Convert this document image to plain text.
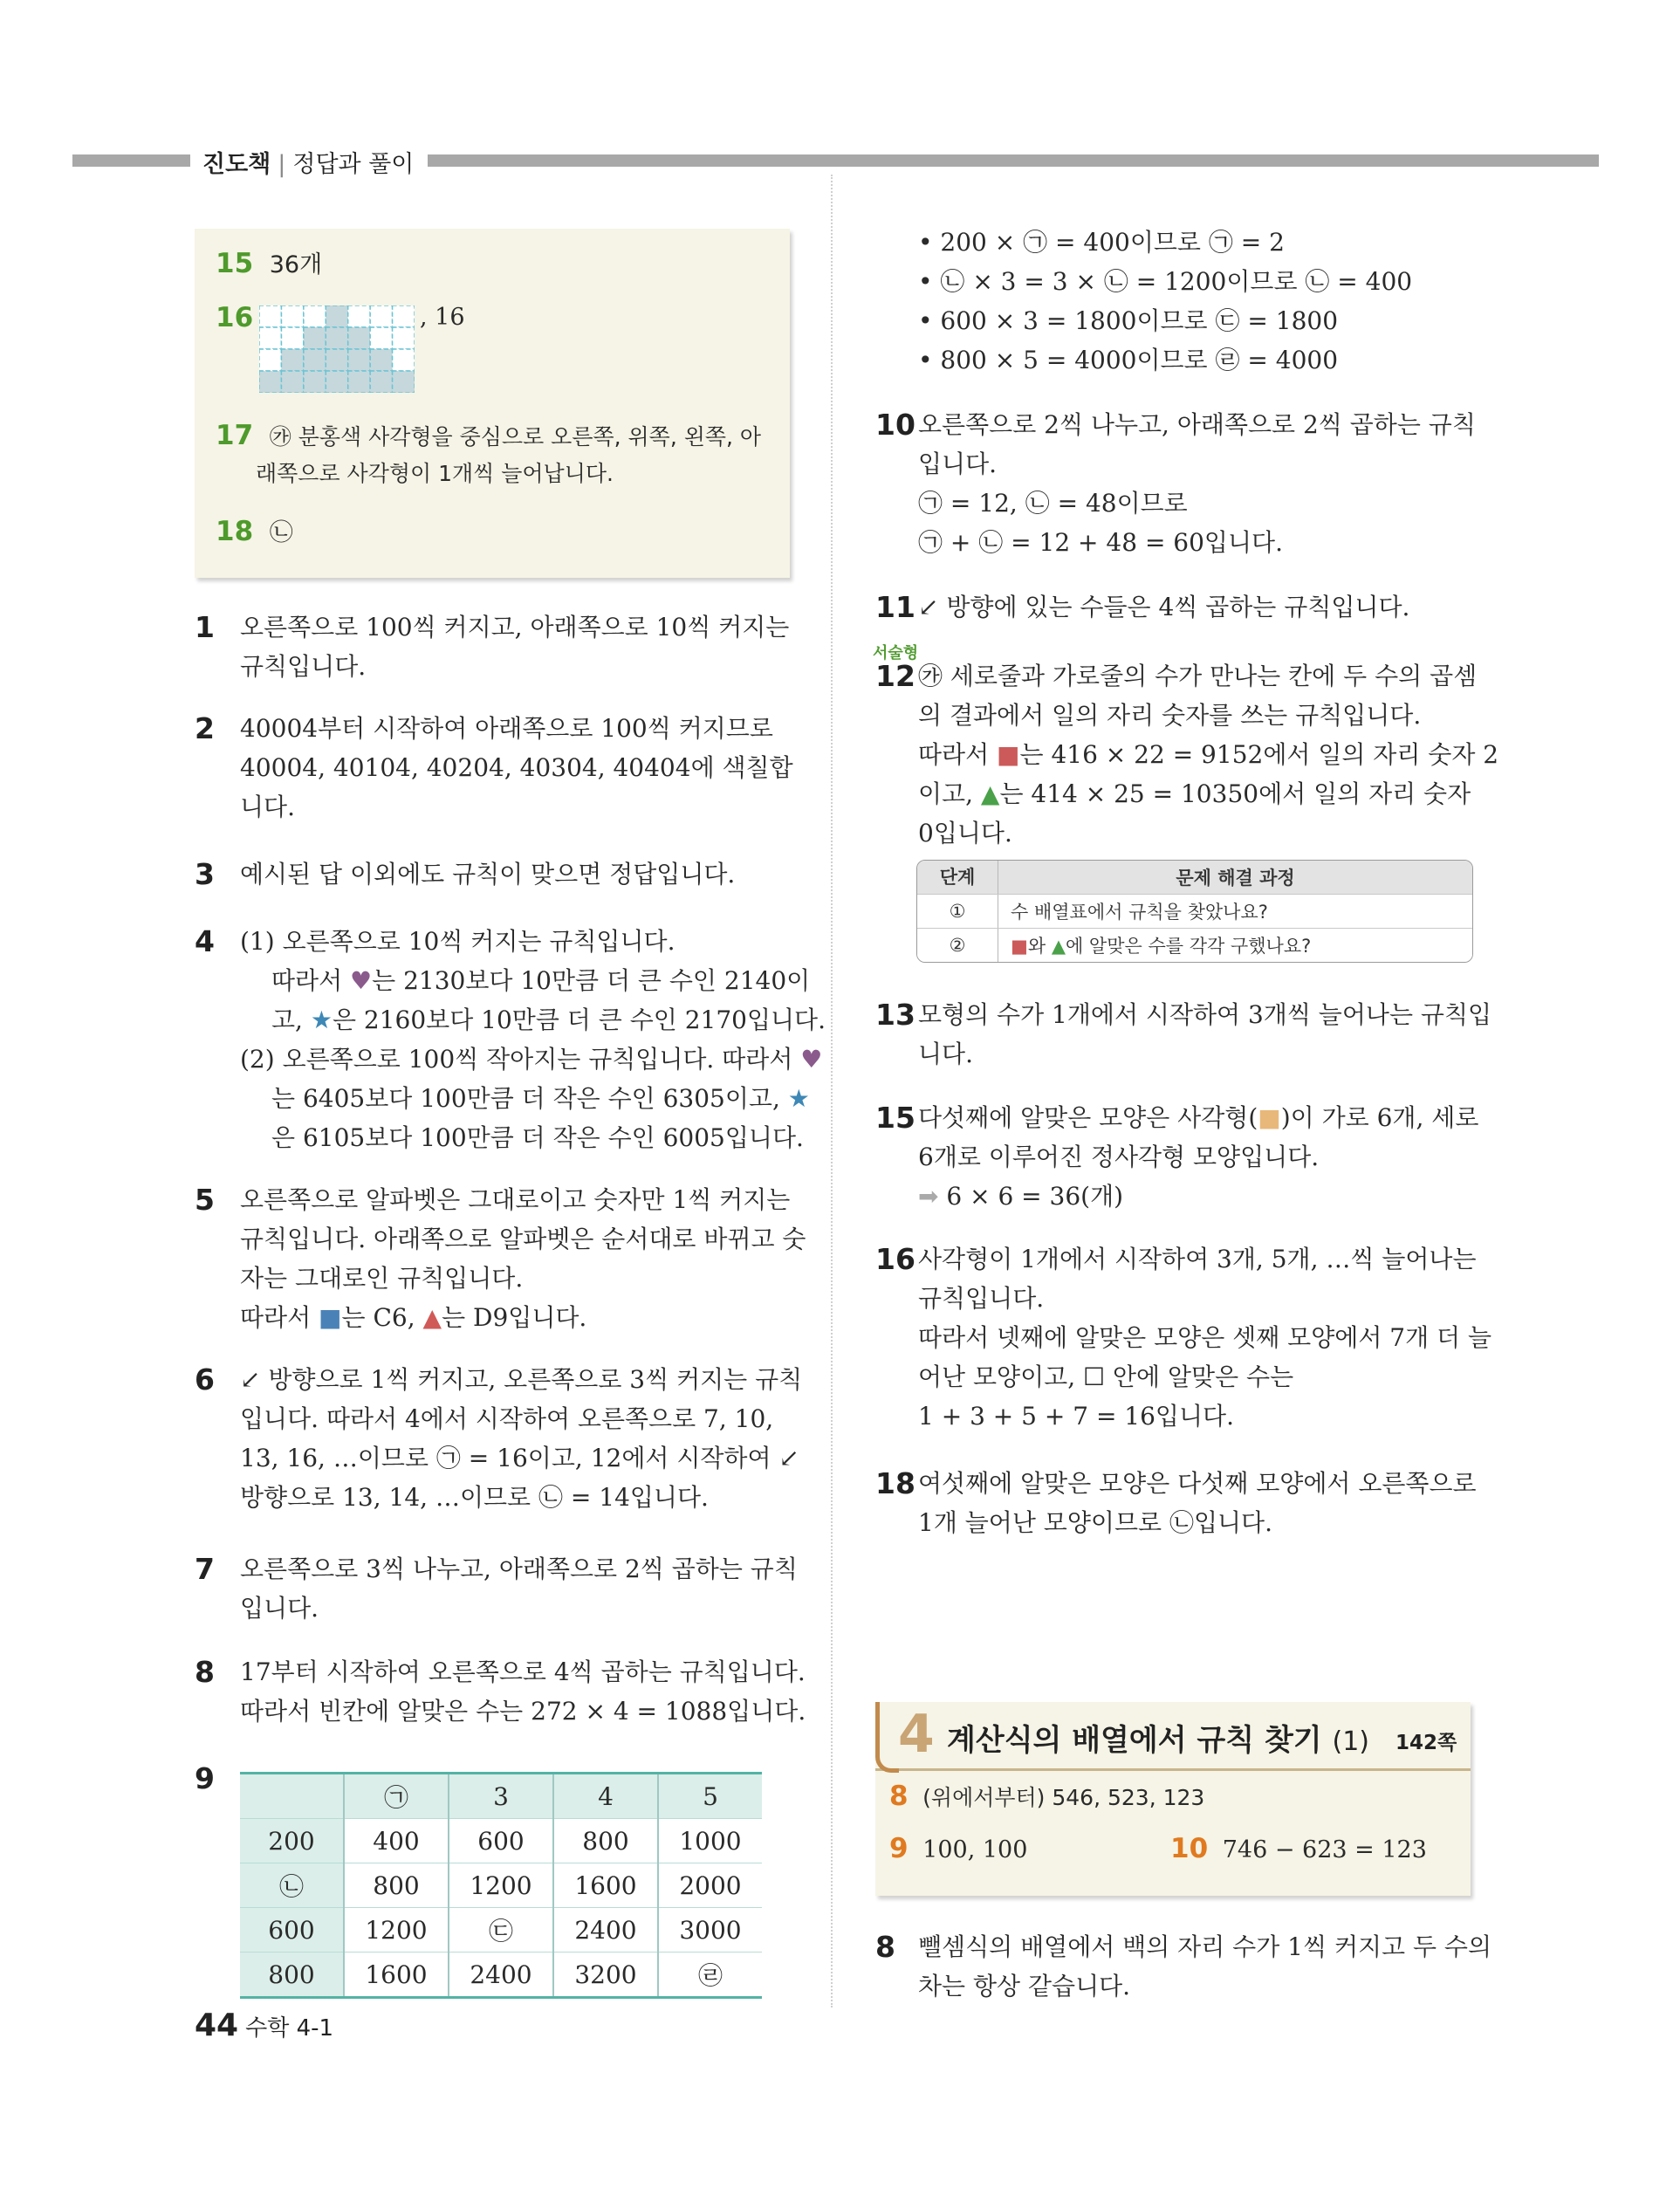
진도책 | 정답과 풀이
15 36개
16	, 16
17 ㉮ 분홍색 사각형을 중심으로 오른쪽, 위쪽, 왼쪽, 아
래쪽으로 사각형이 1개씩 늘어납니다.
18 ㉡
1 오른쪽으로 100씩 커지고, 아래쪽으로 10씩 커지는
규칙입니다.
2 40004부터 시작하여 아래쪽으로 100씩 커지므로
40004, 40104, 40204, 40304, 40404에 색칠합
니다.
3 예시된 답 이외에도 규칙이 맞으면 정답입니다.
4 (1) 오른쪽으로 10씩 커지는 규칙입니다.
따라서 ♥는 2130보다 10만큼 더 큰 수인 2140이
고, ★은 2160보다 10만큼 더 큰 수인 2170입니다.
(2) 오른쪽으로 100씩 작아지는 규칙입니다. 따라서 ♥
는 6405보다 100만큼 더 작은 수인 6305이고, ★
은 6105보다 100만큼 더 작은 수인 6005입니다.
5 오른쪽으로 알파벳은 그대로이고 숫자만 1씩 커지는
규칙입니다. 아래쪽으로 알파벳은 순서대로 바뀌고 숫
자는 그대로인 규칙입니다.
따라서 ■는 C6, ▲는 D9입니다.
6 ↙ 방향으로 1씩 커지고, 오른쪽으로 3씩 커지는 규칙
입니다. 따라서 4에서 시작하여 오른쪽으로 7, 10,
13, 16, …이므로 ㉠ = 16이고, 12에서 시작하여 ↙
방향으로 13, 14, …이므로 ㉡ = 14입니다.
7 오른쪽으로 3씩 나누고, 아래쪽으로 2씩 곱하는 규칙
입니다.
8 17부터 시작하여 오른쪽으로 4씩 곱하는 규칙입니다.
따라서 빈칸에 알맞은 수는 272 × 4 = 1088입니다.
9
	㉠	3	4	5
200	400	600	800	1000
㉡	800	1200	1600	2000
600	1200	㉢	2400	3000
800	1600	2400	3200	㉣
• 200 × ㉠ = 400이므로 ㉠ = 2
• ㉡ × 3 = 3 × ㉡ = 1200이므로 ㉡ = 400
• 600 × 3 = 1800이므로 ㉢ = 1800
• 800 × 5 = 4000이므로 ㉣ = 4000
10 오른쪽으로 2씩 나누고, 아래쪽으로 2씩 곱하는 규칙
입니다.
㉠ = 12, ㉡ = 48이므로
㉠ + ㉡ = 12 + 48 = 60입니다.
11 ↙ 방향에 있는 수들은 4씩 곱하는 규칙입니다.
서술형
12 ㉮ 세로줄과 가로줄의 수가 만나는 칸에 두 수의 곱셈
의 결과에서 일의 자리 숫자를 쓰는 규칙입니다.
따라서 ■는 416 × 22 = 9152에서 일의 자리 숫자 2
이고, ▲는 414 × 25 = 10350에서 일의 자리 숫자
0입니다.
단계	문제 해결 과정
①	수 배열표에서 규칙을 찾았나요?
②	■와 ▲에 알맞은 수를 각각 구했나요?
13 모형의 수가 1개에서 시작하여 3개씩 늘어나는 규칙입
니다.
15 다섯째에 알맞은 모양은 사각형(■)이 가로 6개, 세로
6개로 이루어진 정사각형 모양입니다.
➡ 6 × 6 = 36(개)
16 사각형이 1개에서 시작하여 3개, 5개, …씩 늘어나는
규칙입니다.
따라서 넷째에 알맞은 모양은 셋째 모양에서 7개 더 늘
어난 모양이고, ☐ 안에 알맞은 수는
1 + 3 + 5 + 7 = 16입니다.
18 여섯째에 알맞은 모양은 다섯째 모양에서 오른쪽으로
1개 늘어난 모양이므로 ㉡입니다.
4 계산식의 배열에서 규칙 찾기 (1) 142쪽
8 (위에서부터) 546, 523, 123
9 100, 100	10 746 − 623 = 123
8 뺄셈식의 배열에서 백의 자리 수가 1씩 커지고 두 수의
차는 항상 같습니다.
44 수학 4-1
